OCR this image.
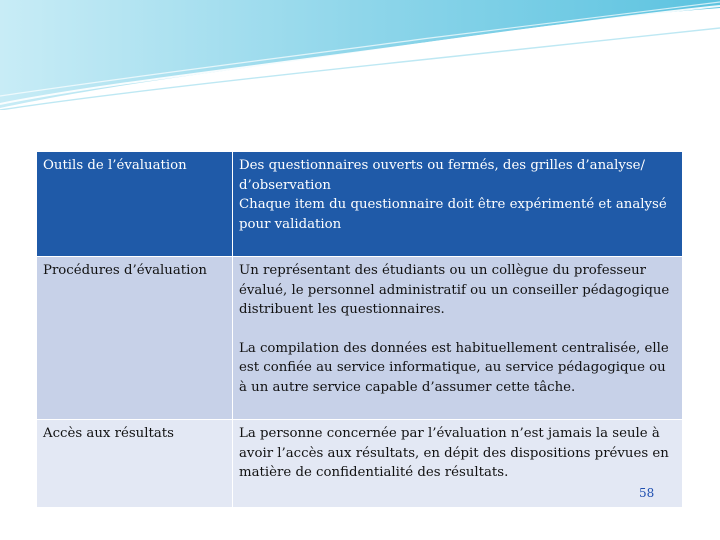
Outils de l’évaluation	Des questionnaires ouverts ou fermés, des grilles d’analyse/ d’observation
Chaque item du questionnaire doit être expérimenté et analysé pour validation

Procédures d’évaluation	Un représentant des étudiants ou un collègue du professeur évalué, le personnel administratif ou un conseiller pédagogique distribuent les questionnaires.
La compilation des données est habituellement centralisée, elle est confiée au service informatique, au service pédagogique ou à un autre service capable d’assumer cette tâche.

Accès aux résultats	La personne concernée par l’évaluation n’est jamais la seule à avoir l’accès aux résultats, en dépit des dispositions prévues en matière de confidentialité des résultats.
58
